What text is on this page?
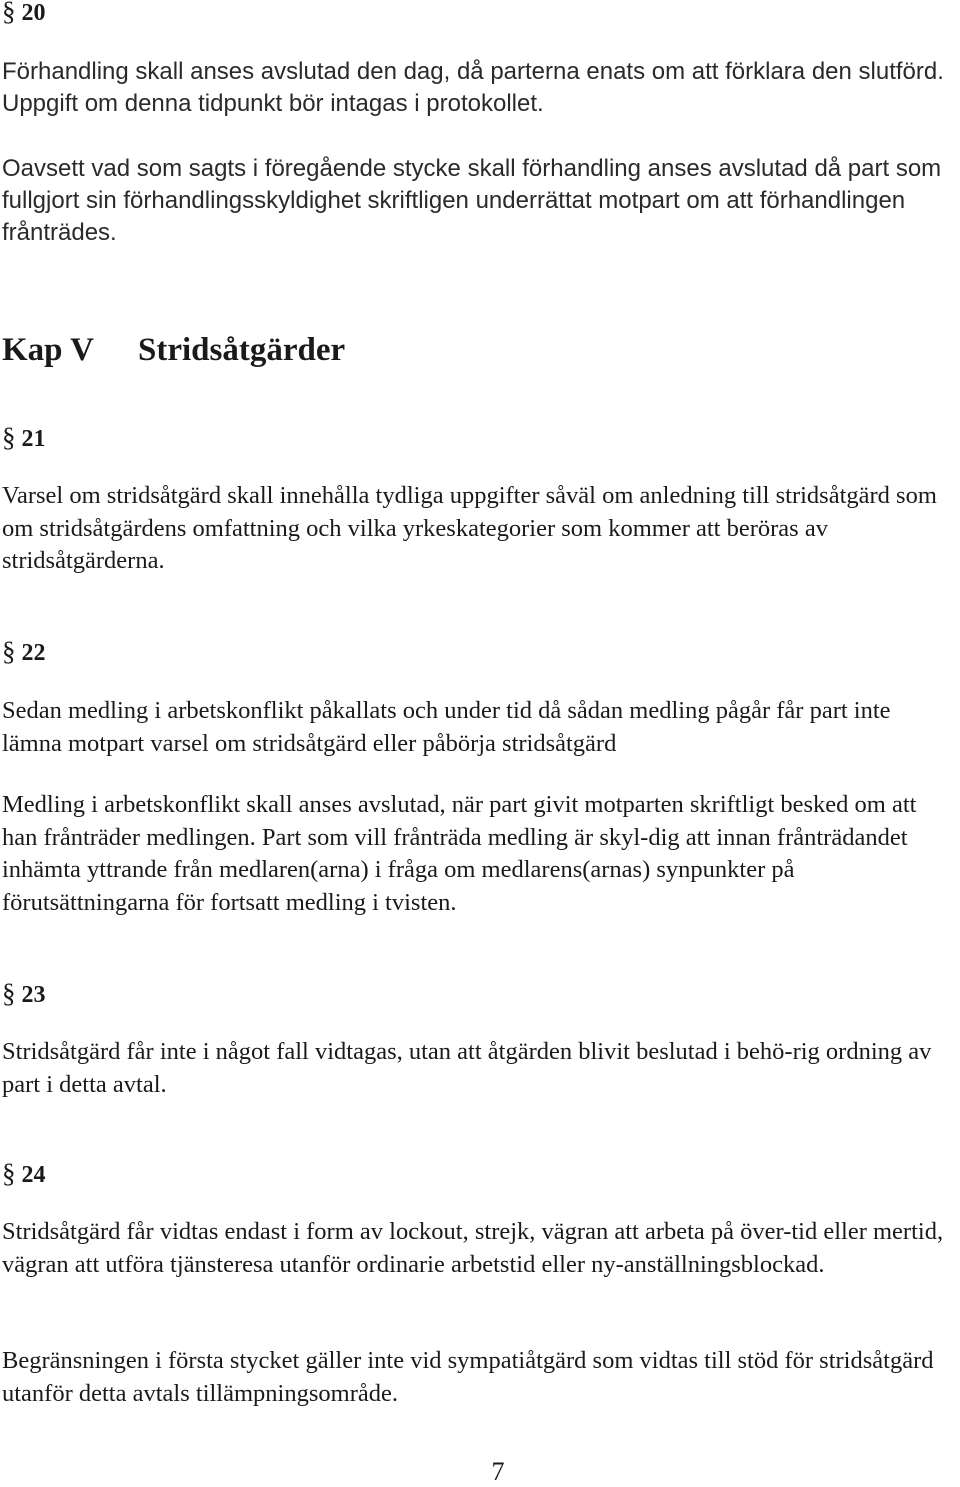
§ 20

Förhandling skall anses avslutad den dag, då parterna enats om att förklara den slutförd. Uppgift om denna tidpunkt bör intagas i protokollet.

Oavsett vad som sagts i föregående stycke skall förhandling anses avslutad då part som fullgjort sin förhandlingsskyldighet skriftligen underrättat motpart om att förhandlingen frånträdes.

Kap V Stridsåtgärder
§ 21

Varsel om stridsåtgärd skall innehålla tydliga uppgifter såväl om anledning till stridsåtgärd som om stridsåtgärdens omfattning och vilka yrkeskategorier som kommer att beröras av stridsåtgärderna.

§ 22

Sedan medling i arbetskonflikt påkallats och under tid då sådan medling pågår får part inte lämna motpart varsel om stridsåtgärd eller påbörja stridsåtgärd

Medling i arbetskonflikt skall anses avslutad, när part givit motparten skriftligt besked om att han frånträder medlingen. Part som vill frånträda medling är skyl-dig att innan frånträdandet inhämta yttrande från medlaren(arna) i fråga om medlarens(arnas) synpunkter på förutsättningarna för fortsatt medling i tvisten.

§ 23

Stridsåtgärd får inte i något fall vidtagas, utan att åtgärden blivit beslutad i behö-rig ordning av part i detta avtal.

§ 24

Stridsåtgärd får vidtas endast i form av lockout, strejk, vägran att arbeta på över-tid eller mertid, vägran att utföra tjänsteresa utanför ordinarie arbetstid eller ny-anställningsblockad.

Begränsningen i första stycket gäller inte vid sympatiåtgärd som vidtas till stöd för stridsåtgärd utanför detta avtals tillämpningsområde.

7
